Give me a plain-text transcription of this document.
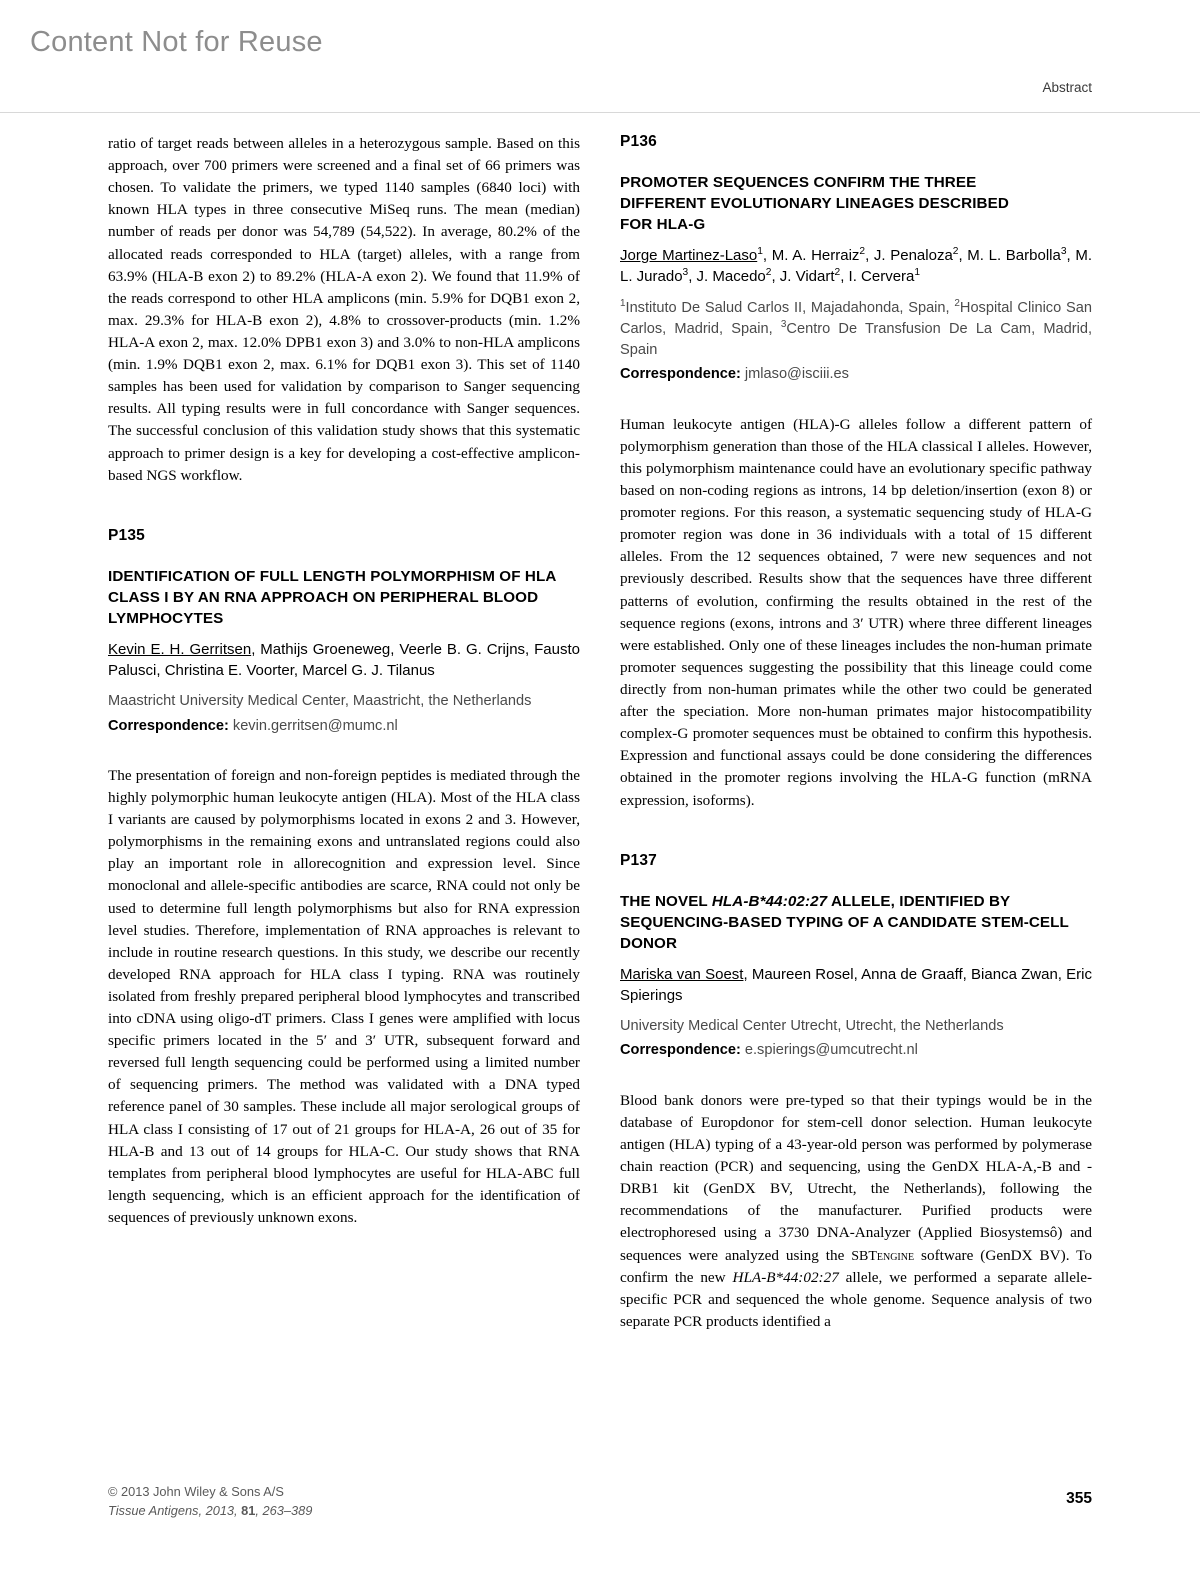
Content Not for Reuse
Abstract

ratio of target reads between alleles in a heterozygous sample. Based on this approach, over 700 primers were screened and a final set of 66 primers was chosen. To validate the primers, we typed 1140 samples (6840 loci) with known HLA types in three consecutive MiSeq runs. The mean (median) number of reads per donor was 54,789 (54,522). In average, 80.2% of the allocated reads corresponded to HLA (target) alleles, with a range from 63.9% (HLA-B exon 2) to 89.2% (HLA-A exon 2). We found that 11.9% of the reads correspond to other HLA amplicons (min. 5.9% for DQB1 exon 2, max. 29.3% for HLA-B exon 2), 4.8% to crossover-products (min. 1.2% HLA-A exon 2, max. 12.0% DPB1 exon 3) and 3.0% to non-HLA amplicons (min. 1.9% DQB1 exon 2, max. 6.1% for DQB1 exon 3). This set of 1140 samples has been used for validation by comparison to Sanger sequencing results. All typing results were in full concordance with Sanger sequences. The successful conclusion of this validation study shows that this systematic approach to primer design is a key for developing a cost-effective amplicon-based NGS workflow.

P135
IDENTIFICATION OF FULL LENGTH POLYMORPHISM OF HLA CLASS I BY AN RNA APPROACH ON PERIPHERAL BLOOD LYMPHOCYTES

Kevin E. H. Gerritsen, Mathijs Groeneweg, Veerle B. G. Crijns, Fausto Palusci, Christina E. Voorter, Marcel G. J. Tilanus

Maastricht University Medical Center, Maastricht, the Netherlands

Correspondence: kevin.gerritsen@mumc.nl

The presentation of foreign and non-foreign peptides is mediated through the highly polymorphic human leukocyte antigen (HLA). Most of the HLA class I variants are caused by polymorphisms located in exons 2 and 3. However, polymorphisms in the remaining exons and untranslated regions could also play an important role in allorecognition and expression level. Since monoclonal and allele-specific antibodies are scarce, RNA could not only be used to determine full length polymorphisms but also for RNA expression level studies. Therefore, implementation of RNA approaches is relevant to include in routine research questions. In this study, we describe our recently developed RNA approach for HLA class I typing. RNA was routinely isolated from freshly prepared peripheral blood lymphocytes and transcribed into cDNA using oligo-dT primers. Class I genes were amplified with locus specific primers located in the 5′ and 3′ UTR, subsequent forward and reversed full length sequencing could be performed using a limited number of sequencing primers. The method was validated with a DNA typed reference panel of 30 samples. These include all major serological groups of HLA class I consisting of 17 out of 21 groups for HLA-A, 26 out of 35 for HLA-B and 13 out of 14 groups for HLA-C. Our study shows that RNA templates from peripheral blood lymphocytes are useful for HLA-ABC full length sequencing, which is an efficient approach for the identification of sequences of previously unknown exons.

P136
PROMOTER SEQUENCES CONFIRM THE THREE
DIFFERENT EVOLUTIONARY LINEAGES DESCRIBED
FOR HLA-G

Jorge Martinez-Laso$^1$, M. A. Herraiz$^2$, J. Penaloza$^2$, M. L. Barbolla$^3$, M. L. Jurado$^3$, J. Macedo$^2$, J. Vidart$^2$, I. Cervera$^1$

$^1$Instituto De Salud Carlos II, Majadahonda, Spain, $^2$Hospital Clinico San Carlos, Madrid, Spain, $^3$Centro De Transfusion De La Cam, Madrid, Spain

Correspondence: jmlaso@isciii.es

Human leukocyte antigen (HLA)-G alleles follow a different pattern of polymorphism generation than those of the HLA classical I alleles. However, this polymorphism maintenance could have an evolutionary specific pathway based on non-coding regions as introns, 14 bp deletion/insertion (exon 8) or promoter regions. For this reason, a systematic sequencing study of HLA-G promoter region was done in 36 individuals with a total of 15 different alleles. From the 12 sequences obtained, 7 were new sequences and not previously described. Results show that the sequences have three different patterns of evolution, confirming the results obtained in the rest of the sequence regions (exons, introns and 3′ UTR) where three different lineages were established. Only one of these lineages includes the non-human primate promoter sequences suggesting the possibility that this lineage could come directly from non-human primates while the other two could be generated after the speciation. More non-human primates major histocompatibility complex-G promoter sequences must be obtained to confirm this hypothesis. Expression and functional assays could be done considering the differences obtained in the promoter regions involving the HLA-G function (mRNA expression, isoforms).

P137
THE NOVEL HLA-B*44:02:27 ALLELE, IDENTIFIED BY SEQUENCING-BASED TYPING OF A CANDIDATE STEM-CELL DONOR

Mariska van Soest, Maureen Rosel, Anna de Graaff, Bianca Zwan, Eric Spierings

University Medical Center Utrecht, Utrecht, the Netherlands

Correspondence: e.spierings@umcutrecht.nl

Blood bank donors were pre-typed so that their typings would be in the database of Europdonor for stem-cell donor selection. Human leukocyte antigen (HLA) typing of a 43-year-old person was performed by polymerase chain reaction (PCR) and sequencing, using the GenDX HLA-A,-B and -DRB1 kit (GenDX BV, Utrecht, the Netherlands), following the recommendations of the manufacturer. Purified products were electrophoresed using a 3730 DNA-Analyzer (Applied Biosystemsô) and sequences were analyzed using the SBTengine software (GenDX BV). To confirm the new HLA-B*44:02:27 allele, we performed a separate allele-specific PCR and sequenced the whole genome. Sequence analysis of two separate PCR products identified a

© 2013 John Wiley & Sons A/S
Tissue Antigens, 2013, 81, 263–389
355
